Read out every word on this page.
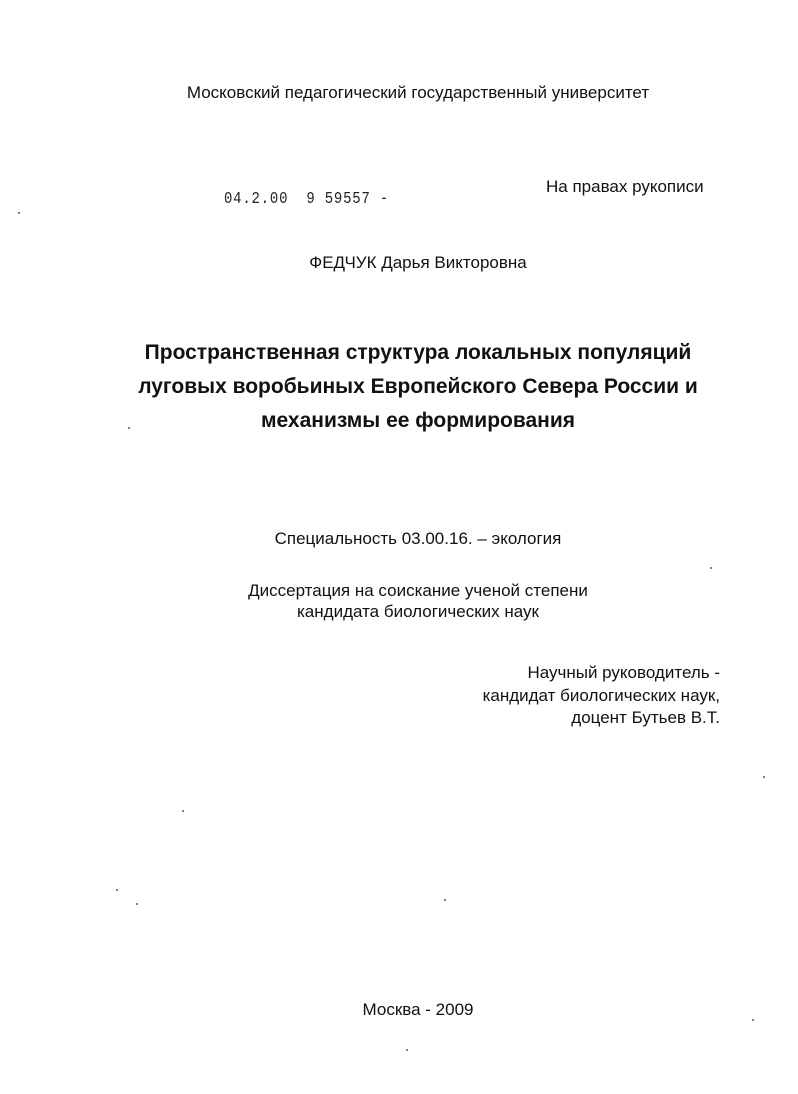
Московский педагогический государственный университет
На правах рукописи
04.2.00 9 59557 -
ФЕДЧУК Дарья Викторовна
Пространственная структура локальных популяций
луговых воробьиных Европейского Севера России и
механизмы ее формирования
Специальность 03.00.16. – экология
Диссертация на соискание ученой степени
кандидата биологических наук
Научный руководитель -
кандидат биологических наук,
доцент Бутьев В.Т.
Москва - 2009
